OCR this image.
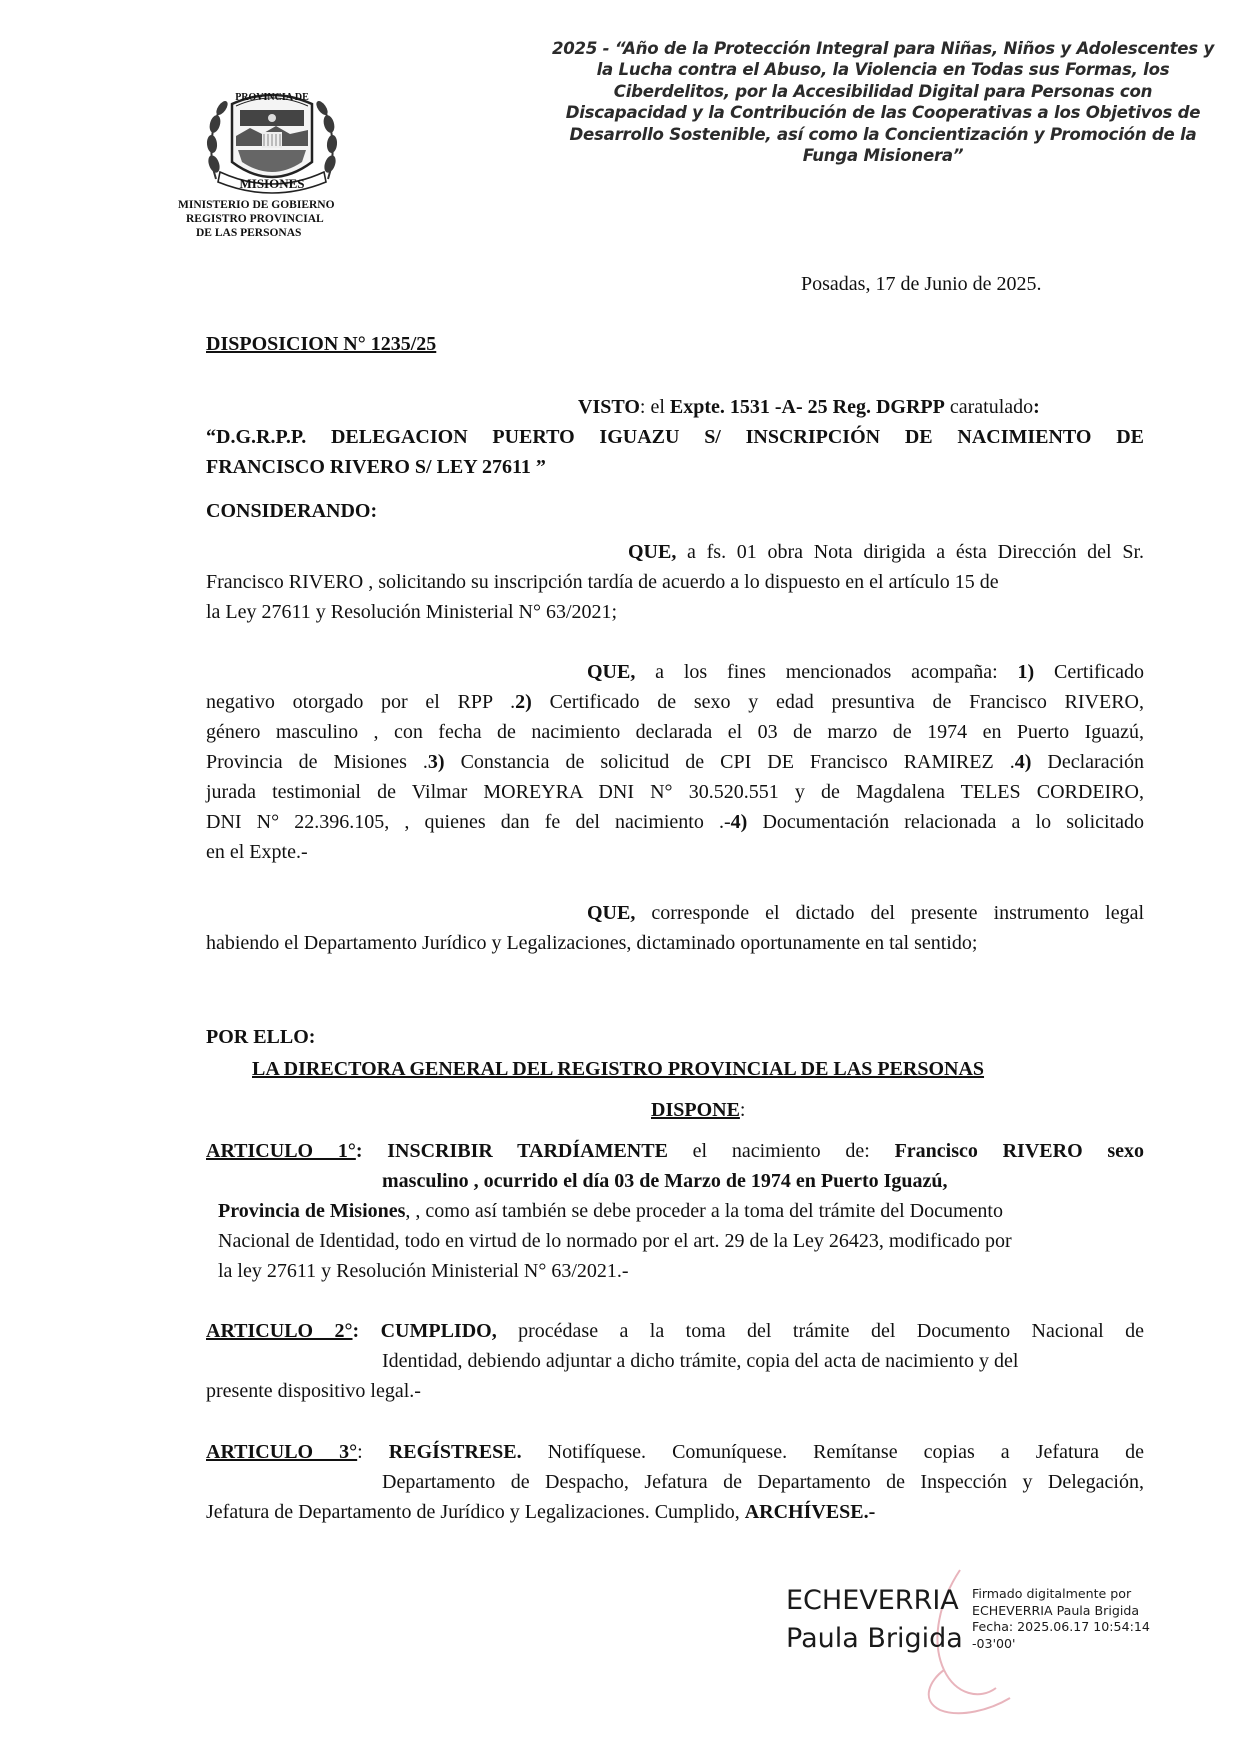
PROVINCIA DE
MISIONES
MINISTERIO DE GOBIERNO
REGISTRO PROVINCIAL
DE LAS PERSONAS
2025 - “Año de la Protección Integral para Niñas, Niños y Adolescentes y
la Lucha contra el Abuso, la Violencia en Todas sus Formas, los
Ciberdelitos, por la Accesibilidad Digital para Personas con
Discapacidad y la Contribución de las Cooperativas a los Objetivos de
Desarrollo Sostenible, así como la Concientización y Promoción de la
Funga Misionera”
Posadas, 17 de Junio de 2025.
DISPOSICION N° 1235/25
VISTO: el Expte. 1531 -A- 25 Reg. DGRPP caratulado:
“D.G.R.P.P. DELEGACION PUERTO IGUAZU S/ INSCRIPCIÓN DE NACIMIENTO DE
FRANCISCO RIVERO S/ LEY 27611 ”
CONSIDERANDO:
QUE, a fs. 01 obra Nota dirigida a ésta Dirección del Sr.
Francisco RIVERO , solicitando su inscripción tardía de acuerdo a lo dispuesto en el artículo 15 de
la Ley 27611 y Resolución Ministerial N° 63/2021;
QUE, a los fines mencionados acompaña: 1) Certificado
negativo otorgado por el RPP .2) Certificado de sexo y edad presuntiva de Francisco RIVERO,
género masculino , con fecha de nacimiento declarada el 03 de marzo de 1974 en Puerto Iguazú,
Provincia de Misiones .3) Constancia de solicitud de CPI DE Francisco RAMIREZ .4) Declaración
jurada testimonial de Vilmar MOREYRA DNI N° 30.520.551 y de Magdalena TELES CORDEIRO,
DNI N° 22.396.105, , quienes dan fe del nacimiento .-4) Documentación relacionada a lo solicitado
en el Expte.-
QUE, corresponde el dictado del presente instrumento legal
habiendo el Departamento Jurídico y Legalizaciones, dictaminado oportunamente en tal sentido;
POR ELLO:
LA DIRECTORA GENERAL DEL REGISTRO PROVINCIAL DE LAS PERSONAS
DISPONE:
ARTICULO 1°: INSCRIBIR TARDÍAMENTE el nacimiento de: Francisco RIVERO sexo
masculino , ocurrido el día 03 de Marzo de 1974 en Puerto Iguazú,
Provincia de Misiones, , como así también se debe proceder a la toma del trámite del Documento
Nacional de Identidad, todo en virtud de lo normado por el art. 29 de la Ley 26423, modificado por
la ley 27611 y Resolución Ministerial N° 63/2021.-
ARTICULO 2°: CUMPLIDO, procédase a la toma del trámite del Documento Nacional de
Identidad, debiendo adjuntar a dicho trámite, copia del acta de nacimiento y del
presente dispositivo legal.-
ARTICULO 3°: REGÍSTRESE. Notifíquese. Comuníquese. Remítanse copias a Jefatura de
Departamento de Despacho, Jefatura de Departamento de Inspección y Delegación,
Jefatura de Departamento de Jurídico y Legalizaciones. Cumplido, ARCHÍVESE.-
ECHEVERRIA
Paula Brigida
Firmado digitalmente por
ECHEVERRIA Paula Brigida
Fecha: 2025.06.17 10:54:14
-03'00'
